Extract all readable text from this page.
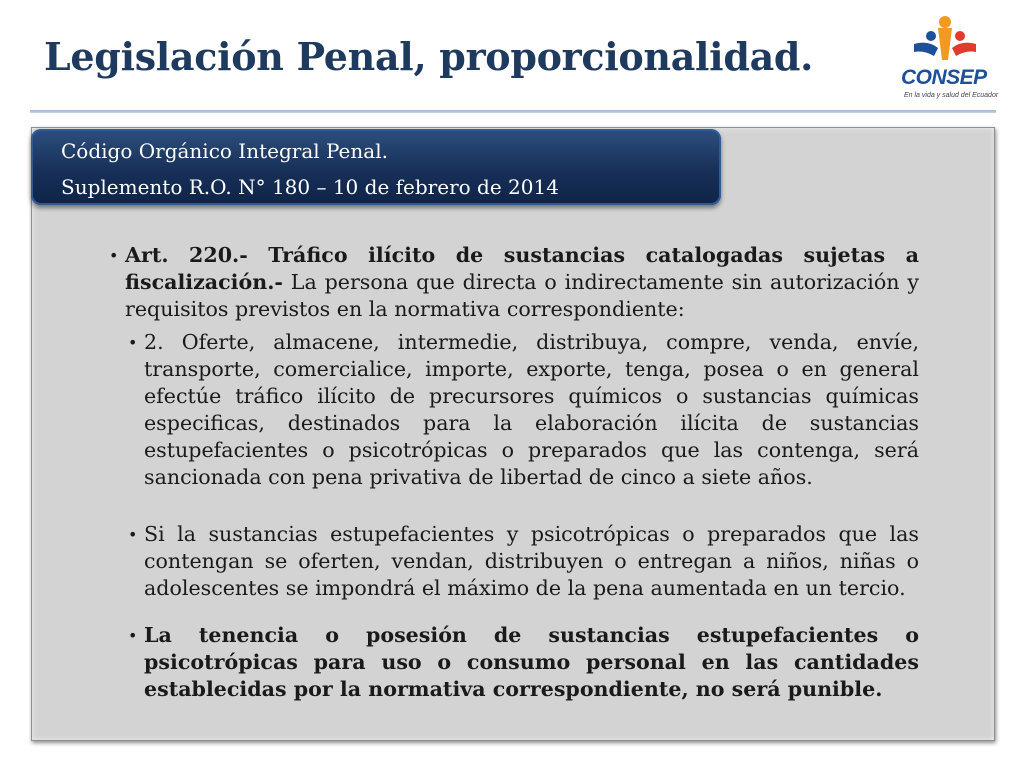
Legislación Penal, proporcionalidad.	CONSEP
En la vida y salud del Ecuador
Código Orgánico Integral Penal.
Suplemento R.O. N° 180 – 10 de febrero de 2014
• Art. 220.- Tráfico ilícito de sustancias catalogadas sujetas a fiscalización.- La persona que directa o indirectamente sin autorización y requisitos previstos en la normativa correspondiente:
• 2. Oferte, almacene, intermedie, distribuya, compre, venda, envíe, transporte, comercialice, importe, exporte, tenga, posea o en general efectúe tráfico ilícito de precursores químicos o sustancias químicas especificas, destinados para la elaboración ilícita de sustancias estupefacientes o psicotrópicas o preparados que las contenga, será sancionada con pena privativa de libertad de cinco a siete años.
• Si la sustancias estupefacientes y psicotrópicas o preparados que las contengan se oferten, vendan, distribuyen o entregan a niños, niñas o adolescentes se impondrá el máximo de la pena aumentada en un tercio.
• La tenencia o posesión de sustancias estupefacientes o psicotrópicas para uso o consumo personal en las cantidades establecidas por la normativa correspondiente, no será punible.
